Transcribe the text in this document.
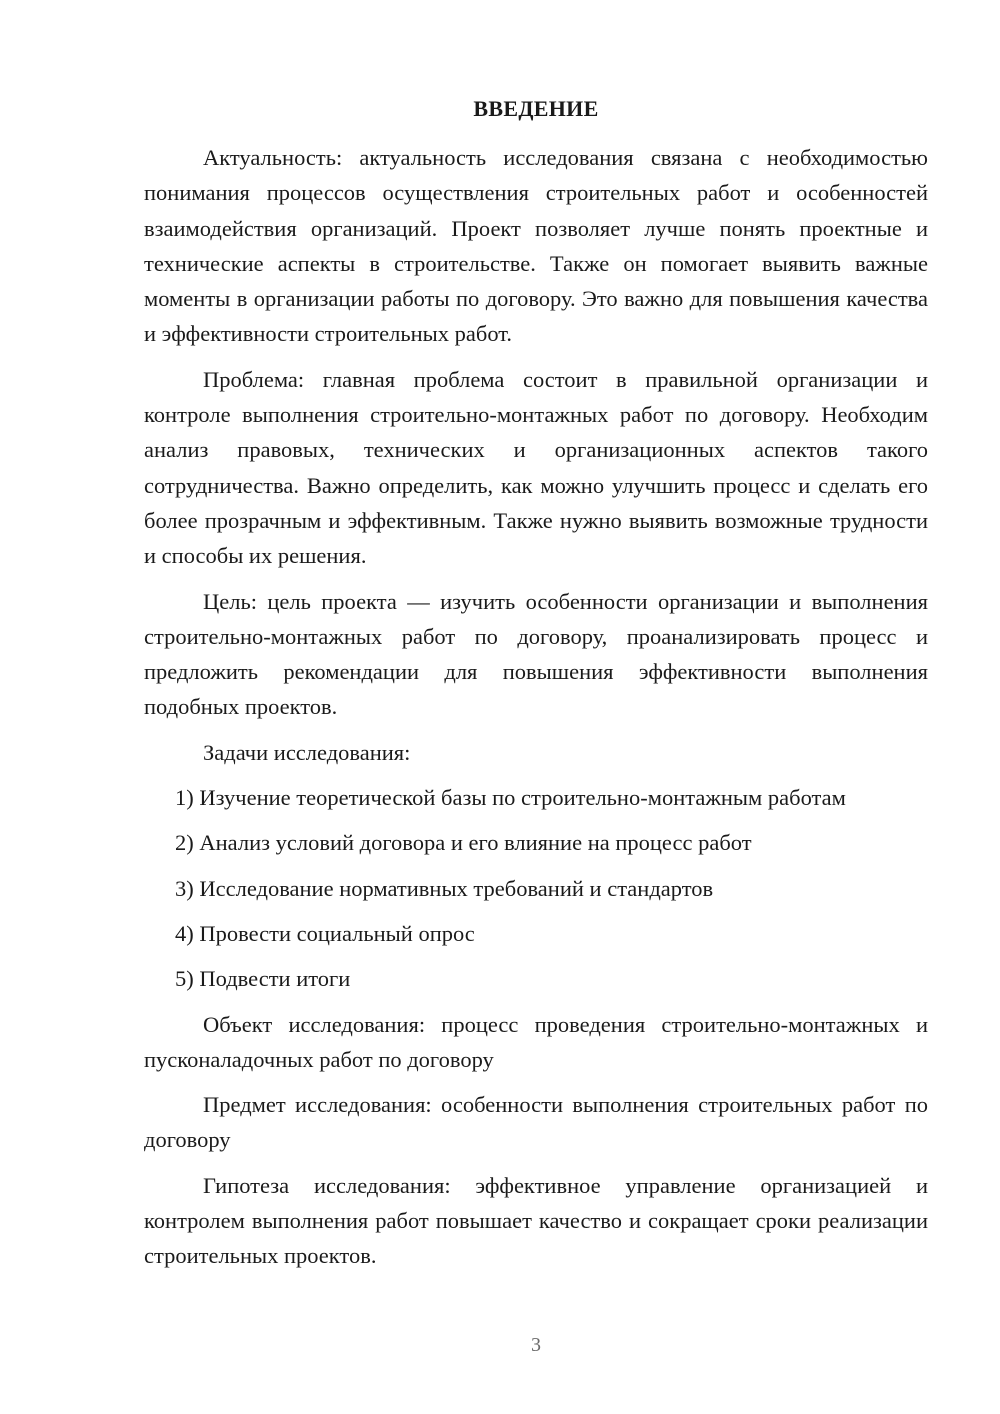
ВВЕДЕНИЕ

Актуальность: актуальность исследования связана с необходимостью понимания процессов осуществления строительных работ и особенностей взаимодействия организаций. Проект позволяет лучше понять проектные и технические аспекты в строительстве. Также он помогает выявить важные моменты в организации работы по договору. Это важно для повышения качества и эффективности строительных работ.

Проблема: главная проблема состоит в правильной организации и контроле выполнения строительно-монтажных работ по договору. Необходим анализ правовых, технических и организационных аспектов такого сотрудничества. Важно определить, как можно улучшить процесс и сделать его более прозрачным и эффективным. Также нужно выявить возможные трудности и способы их решения.

Цель: цель проекта — изучить особенности организации и выполнения строительно-монтажных работ по договору, проанализировать процесс и предложить рекомендации для повышения эффективности выполнения подобных проектов.

Задачи исследования:

1) Изучение теоретической базы по строительно-монтажным работам

2) Анализ условий договора и его влияние на процесс работ

3) Исследование нормативных требований и стандартов

4) Провести социальный опрос

5) Подвести итоги

Объект исследования: процесс проведения строительно-монтажных и пусконаладочных работ по договору

Предмет исследования: особенности выполнения строительных работ по договору

Гипотеза исследования: эффективное управление организацией и контролем выполнения работ повышает качество и сокращает сроки реализации строительных проектов.

3
